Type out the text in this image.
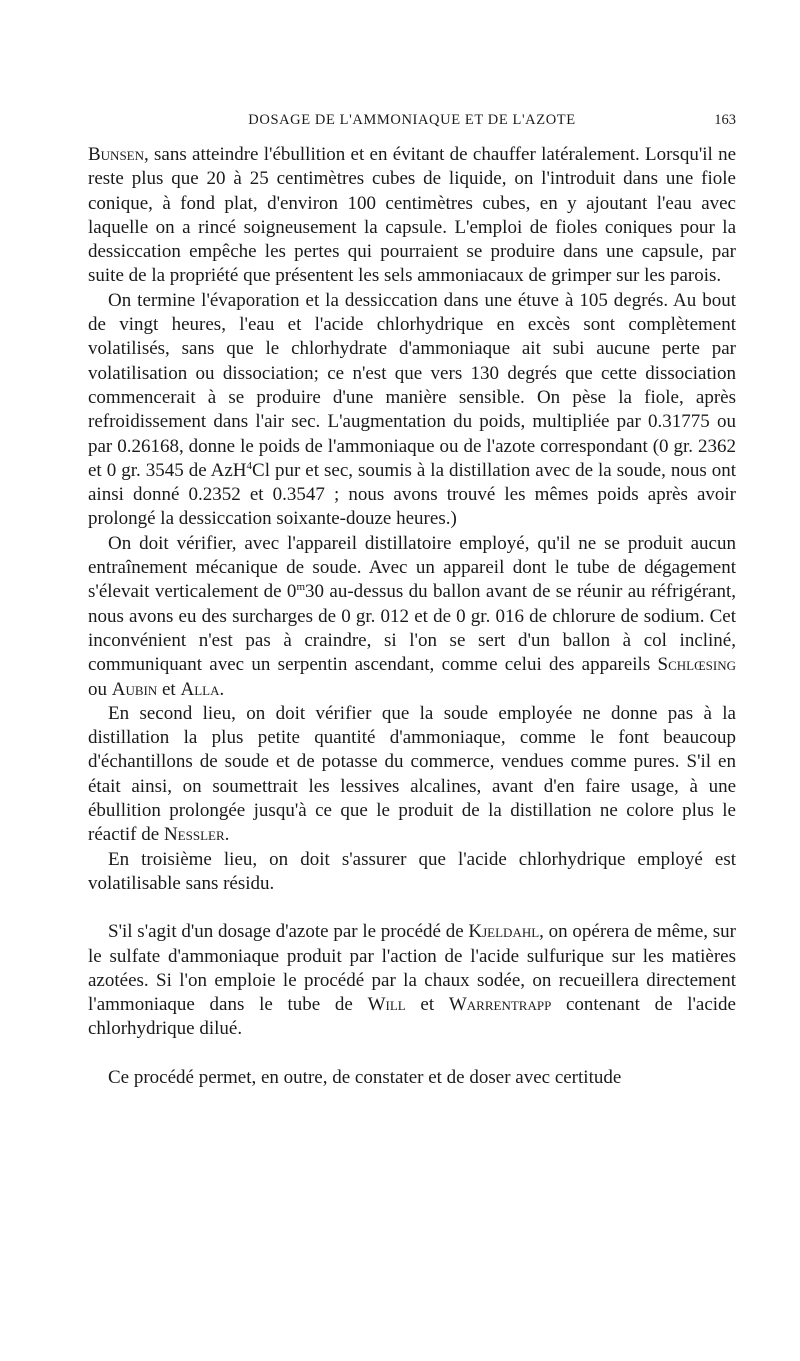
DOSAGE DE L'AMMONIAQUE ET DE L'AZOTE	163

Bunsen, sans atteindre l'ébullition et en évitant de chauffer latéralement. Lorsqu'il ne reste plus que 20 à 25 centimètres cubes de liquide, on l'introduit dans une fiole conique, à fond plat, d'environ 100 centimètres cubes, en y ajoutant l'eau avec laquelle on a rincé soigneusement la capsule. L'emploi de fioles coniques pour la dessiccation empêche les pertes qui pourraient se produire dans une capsule, par suite de la propriété que présentent les sels ammoniacaux de grimper sur les parois.

On termine l'évaporation et la dessiccation dans une étuve à 105 degrés. Au bout de vingt heures, l'eau et l'acide chlorhydrique en excès sont complètement volatilisés, sans que le chlorhydrate d'ammoniaque ait subi aucune perte par volatilisation ou dissociation; ce n'est que vers 130 degrés que cette dissociation commencerait à se produire d'une manière sensible. On pèse la fiole, après refroidissement dans l'air sec. L'augmentation du poids, multipliée par 0.31775 ou par 0.26168, donne le poids de l'ammoniaque ou de l'azote correspondant (0 gr. 2362 et 0 gr. 3545 de AzH$^4$Cl pur et sec, soumis à la distillation avec de la soude, nous ont ainsi donné 0.2352 et 0.3547 ; nous avons trouvé les mêmes poids après avoir prolongé la dessiccation soixante-douze heures.)

On doit vérifier, avec l'appareil distillatoire employé, qu'il ne se produit aucun entraînement mécanique de soude. Avec un appareil dont le tube de dégagement s'élevait verticalement de 0$^m$30 au-dessus du ballon avant de se réunir au réfrigérant, nous avons eu des surcharges de 0 gr. 012 et de 0 gr. 016 de chlorure de sodium. Cet inconvénient n'est pas à craindre, si l'on se sert d'un ballon à col incliné, communiquant avec un serpentin ascendant, comme celui des appareils Schlœsing ou Aubin et Alla.

En second lieu, on doit vérifier que la soude employée ne donne pas à la distillation la plus petite quantité d'ammoniaque, comme le font beaucoup d'échantillons de soude et de potasse du commerce, vendues comme pures. S'il en était ainsi, on soumettrait les lessives alcalines, avant d'en faire usage, à une ébullition prolongée jusqu'à ce que le produit de la distillation ne colore plus le réactif de Nessler.

En troisième lieu, on doit s'assurer que l'acide chlorhydrique employé est volatilisable sans résidu.

S'il s'agit d'un dosage d'azote par le procédé de Kjeldahl, on opérera de même, sur le sulfate d'ammoniaque produit par l'action de l'acide sulfurique sur les matières azotées. Si l'on emploie le procédé par la chaux sodée, on recueillera directement l'ammoniaque dans le tube de Will et Warrentrapp contenant de l'acide chlorhydrique dilué.

Ce procédé permet, en outre, de constater et de doser avec certitude
